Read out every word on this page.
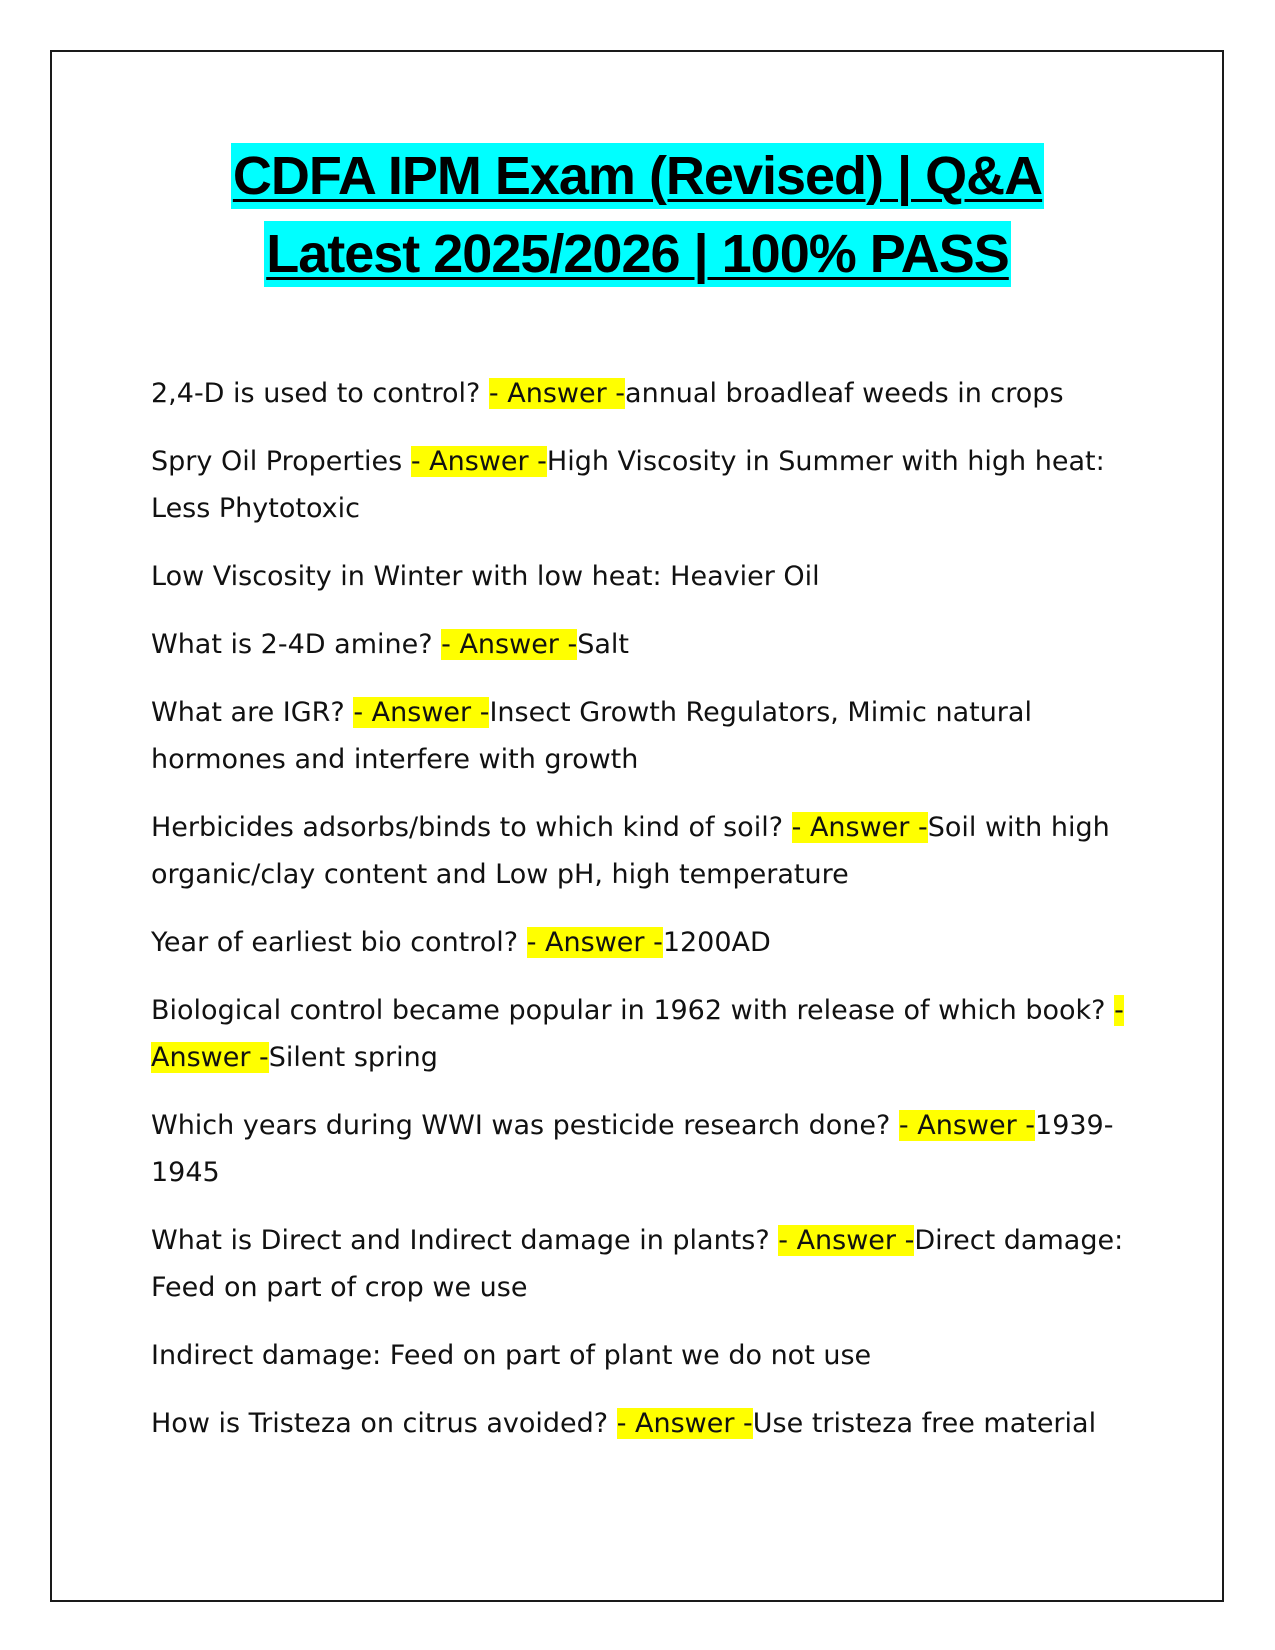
CDFA IPM Exam (Revised) | Q&A
Latest 2025/2026 | 100% PASS

2,4-D is used to control? - Answer -annual broadleaf weeds in crops

Spry Oil Properties - Answer -High Viscosity in Summer with high heat: Less Phytotoxic

Low Viscosity in Winter with low heat: Heavier Oil

What is 2-4D amine? - Answer -Salt

What are IGR? - Answer -Insect Growth Regulators, Mimic natural hormones and interfere with growth

Herbicides adsorbs/binds to which kind of soil? - Answer -Soil with high organic/clay content and Low pH, high temperature

Year of earliest bio control? - Answer -1200AD

Biological control became popular in 1962 with release of which book? - Answer -Silent spring

Which years during WWI was pesticide research done? - Answer -1939-1945

What is Direct and Indirect damage in plants? - Answer -Direct damage: Feed on part of crop we use

Indirect damage: Feed on part of plant we do not use

How is Tristeza on citrus avoided? - Answer -Use tristeza free material
